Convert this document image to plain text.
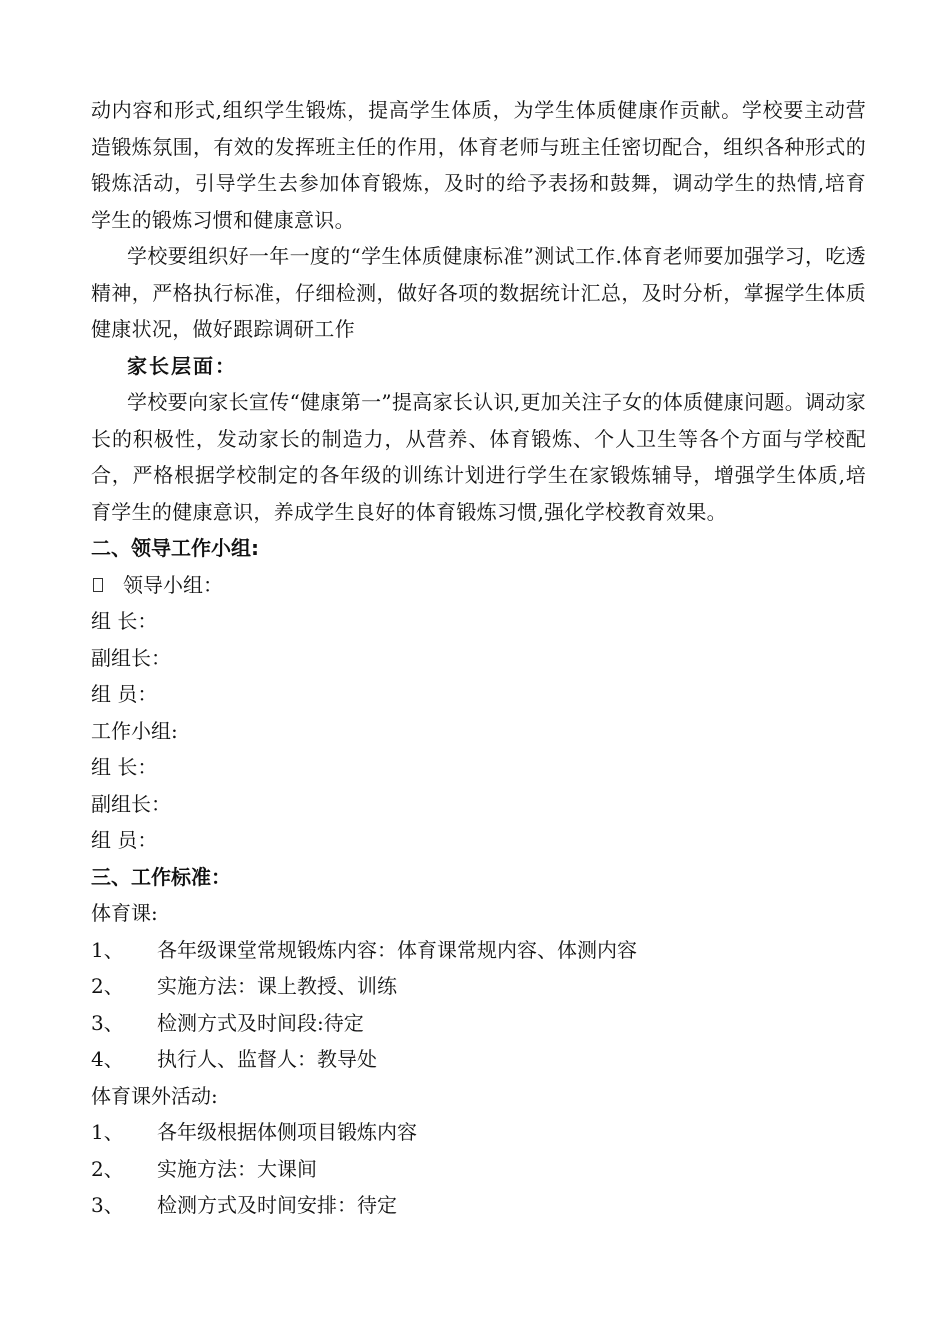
动内容和形式,组织学生锻炼，提高学生体质，为学生体质健康作贡献。学校要主动营造锻炼氛围，有效的发挥班主任的作用，体育老师与班主任密切配合，组织各种形式的锻炼活动，引导学生去参加体育锻炼，及时的给予表扬和鼓舞，调动学生的热情,培育学生的锻炼习惯和健康意识。

学校要组织好一年一度的“学生体质健康标准”测试工作.体育老师要加强学习，吃透精神，严格执行标准，仔细检测，做好各项的数据统计汇总，及时分析，掌握学生体质健康状况，做好跟踪调研工作

家长层面：

学校要向家长宣传“健康第一”提高家长认识,更加关注子女的体质健康问题。调动家长的积极性，发动家长的制造力，从营养、体育锻炼、个人卫生等各个方面与学校配合，严格根据学校制定的各年级的训练计划进行学生在家锻炼辅导，增强学生体质,培育学生的健康意识，养成学生良好的体育锻炼习惯,强化学校教育效果。

二、领导工作小组:

领导小组：

组 长：

副组长：

组 员：

工作小组:

组 长：

副组长：

组 员：

三、工作标准：

体育课:

1、	各年级课堂常规锻炼内容：体育课常规内容、体测内容
2、	实施方法：课上教授、训练
3、	检测方式及时间段:待定
4、	执行人、监督人：教导处

体育课外活动:

1、	各年级根据体侧项目锻炼内容
2、	实施方法：大课间
3、	检测方式及时间安排：待定
